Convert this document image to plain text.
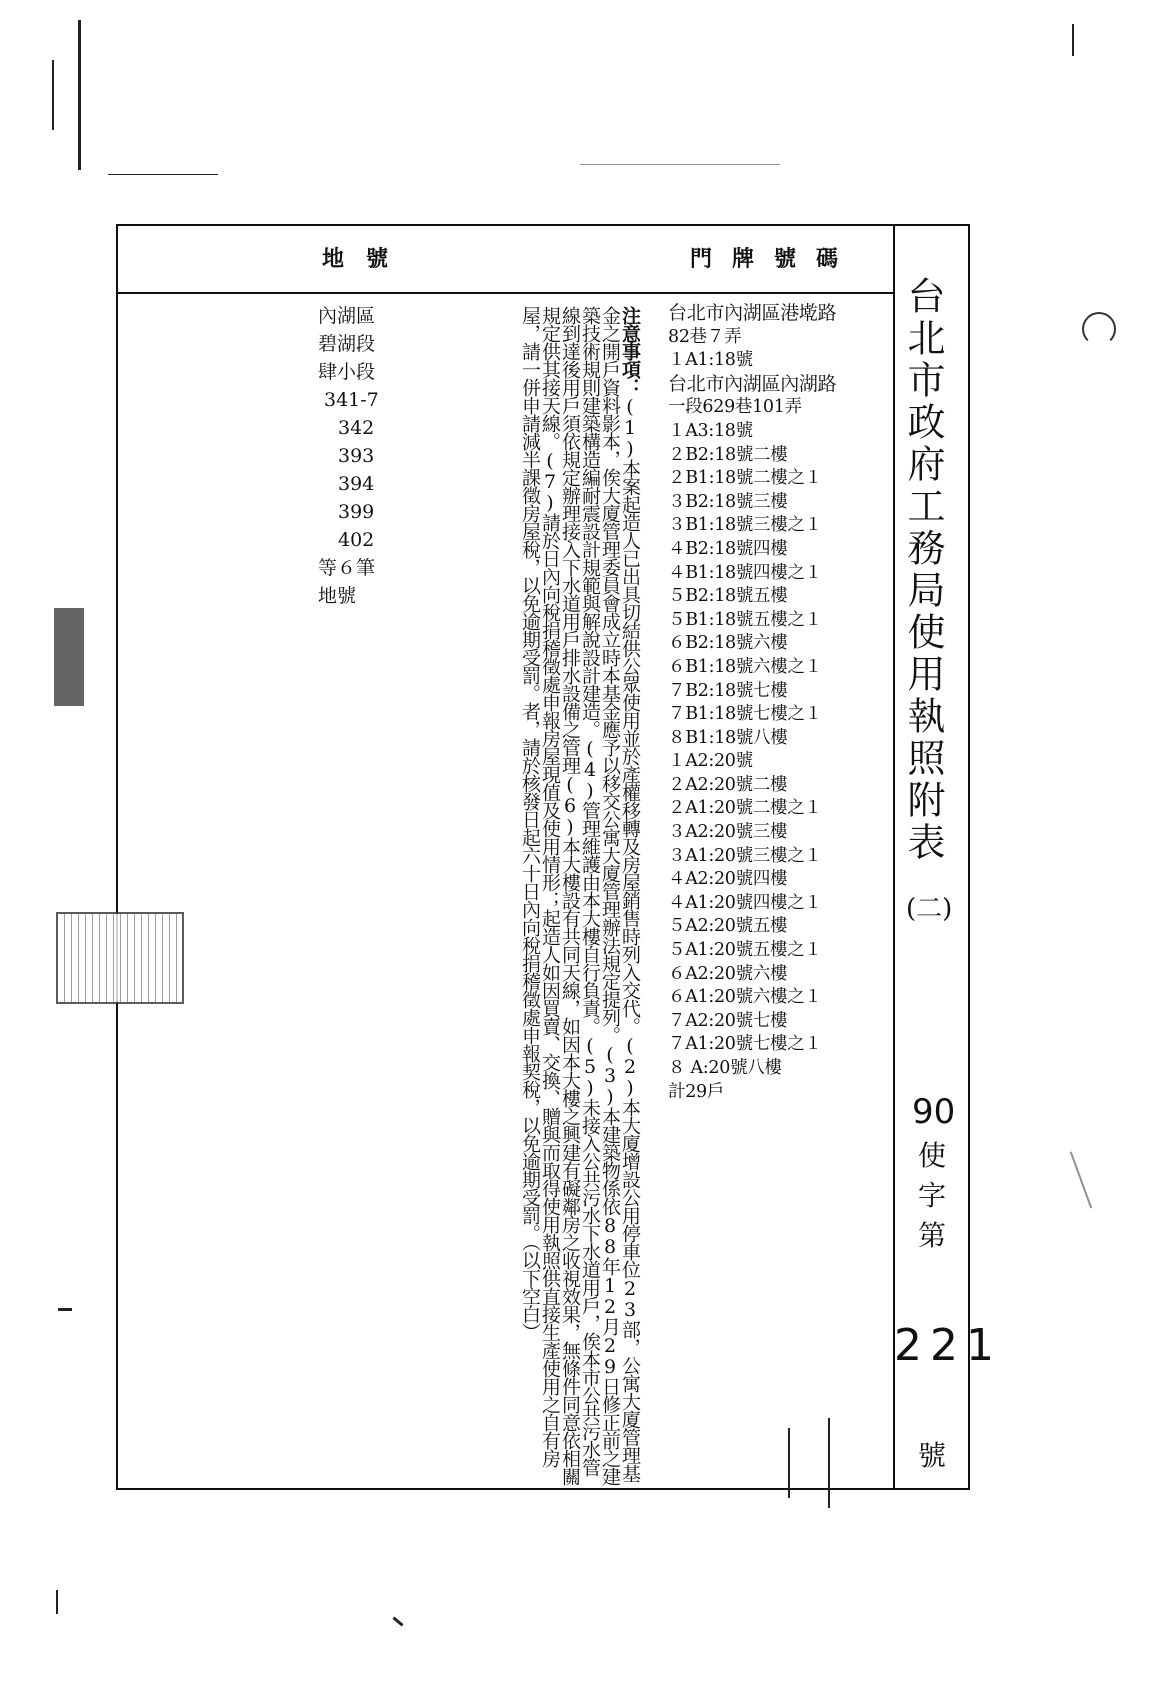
地號	門牌號碼
內湖區
碧湖段
肆小段
341-7
342
393
394
399
402
等６筆
地號
注意事項：(1)本案起造人已出具切結供公眾使用並於產權移轉及房屋銷售時列入交代。(2)本大廈增設公用停車位23部，公寓大廈管理基金之開戶資料影本，俟大廈管理委員會成立時本基金應予以移交公寓大廈管理辦法規定提列。(3)本建築物係依88年12月29日修正前之建築技術規則建築構造編耐震設計規範與解說設計建造。(4)管理維護由本大樓自行負責。(5)未接入公共污水下水道用戶，俟本市公共污水管線到達後用戶須依規定辦理接入下水道用戶排水設備之管理(6)本大樓設有共同天線，如因本大樓之興建有礙鄰房之收視效果，無條件同意依相關規定供其接天線。(7)請於日內向稅捐稽徵處申報房屋現值及使用情形；起造人如因買賣、交換、贈與而取得使用執照供直接生產使用之自有房屋，請一併申請減半課徵房屋稅，以免逾期受罰。者，請於核發日起六十日內向稅捐稽徵處申報契稅，以免逾期受罰。（以下空白）	台北市內湖區港墘路
82巷７弄
１A1:18號
台北市內湖區內湖路
一段629巷101弄
１A3:18號
２B2:18號二樓
２B1:18號二樓之１
３B2:18號三樓
３B1:18號三樓之１
４B2:18號四樓
４B1:18號四樓之１
５B2:18號五樓
５B1:18號五樓之１
６B2:18號六樓
６B1:18號六樓之１
７B2:18號七樓
７B1:18號七樓之１
８B1:18號八樓
１A2:20號
２A2:20號二樓
２A1:20號二樓之１
３A2:20號三樓
３A1:20號三樓之１
４A2:20號四樓
４A1:20號四樓之１
５A2:20號五樓
５A1:20號五樓之１
６A2:20號六樓
６A1:20號六樓之１
７A2:20號七樓
７A1:20號七樓之１
８ A:20號八樓
計29戶
台北市政府工務局使用執照附表
(二)
90
使
字
第
221
號
